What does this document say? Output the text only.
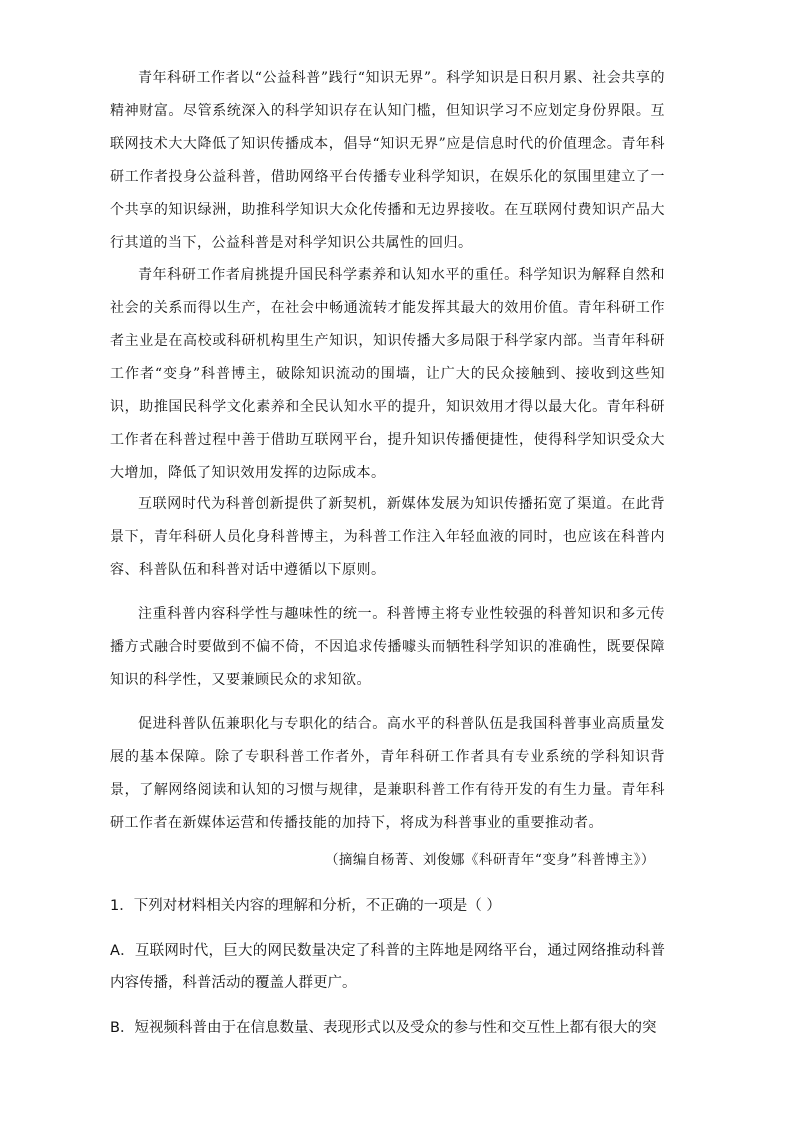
青年科研工作者以“公益科普”践行“知识无界”。科学知识是日积月累、社会共享的精神财富。尽管系统深入的科学知识存在认知门槛，但知识学习不应划定身份界限。互联网技术大大降低了知识传播成本，倡导“知识无界”应是信息时代的价值理念。青年科研工作者投身公益科普，借助网络平台传播专业科学知识，在娱乐化的氛围里建立了一个共享的知识绿洲，助推科学知识大众化传播和无边界接收。在互联网付费知识产品大行其道的当下，公益科普是对科学知识公共属性的回归。

青年科研工作者肩挑提升国民科学素养和认知水平的重任。科学知识为解释自然和社会的关系而得以生产，在社会中畅通流转才能发挥其最大的效用价值。青年科研工作者主业是在高校或科研机构里生产知识，知识传播大多局限于科学家内部。当青年科研工作者“变身”科普博主，破除知识流动的围墙，让广大的民众接触到、接收到这些知识，助推国民科学文化素养和全民认知水平的提升，知识效用才得以最大化。青年科研工作者在科普过程中善于借助互联网平台，提升知识传播便捷性，使得科学知识受众大大增加，降低了知识效用发挥的边际成本。

互联网时代为科普创新提供了新契机，新媒体发展为知识传播拓宽了渠道。在此背景下，青年科研人员化身科普博主，为科普工作注入年轻血液的同时，也应该在科普内容、科普队伍和科普对话中遵循以下原则。

注重科普内容科学性与趣味性的统一。科普博主将专业性较强的科普知识和多元传播方式融合时要做到不偏不倚，不因追求传播噱头而牺牲科学知识的准确性，既要保障知识的科学性，又要兼顾民众的求知欲。

促进科普队伍兼职化与专职化的结合。高水平的科普队伍是我国科普事业高质量发展的基本保障。除了专职科普工作者外，青年科研工作者具有专业系统的学科知识背景，了解网络阅读和认知的习惯与规律，是兼职科普工作有待开发的有生力量。青年科研工作者在新媒体运营和传播技能的加持下，将成为科普事业的重要推动者。

（摘编自杨菁、刘俊娜《科研青年“变身”科普博主》）

1．下列对材料相关内容的理解和分析，不正确的一项是（ ）

A．互联网时代，巨大的网民数量决定了科普的主阵地是网络平台，通过网络推动科普内容传播，科普活动的覆盖人群更广。

B．短视频科普由于在信息数量、表现形式以及受众的参与性和交互性上都有很大的突
